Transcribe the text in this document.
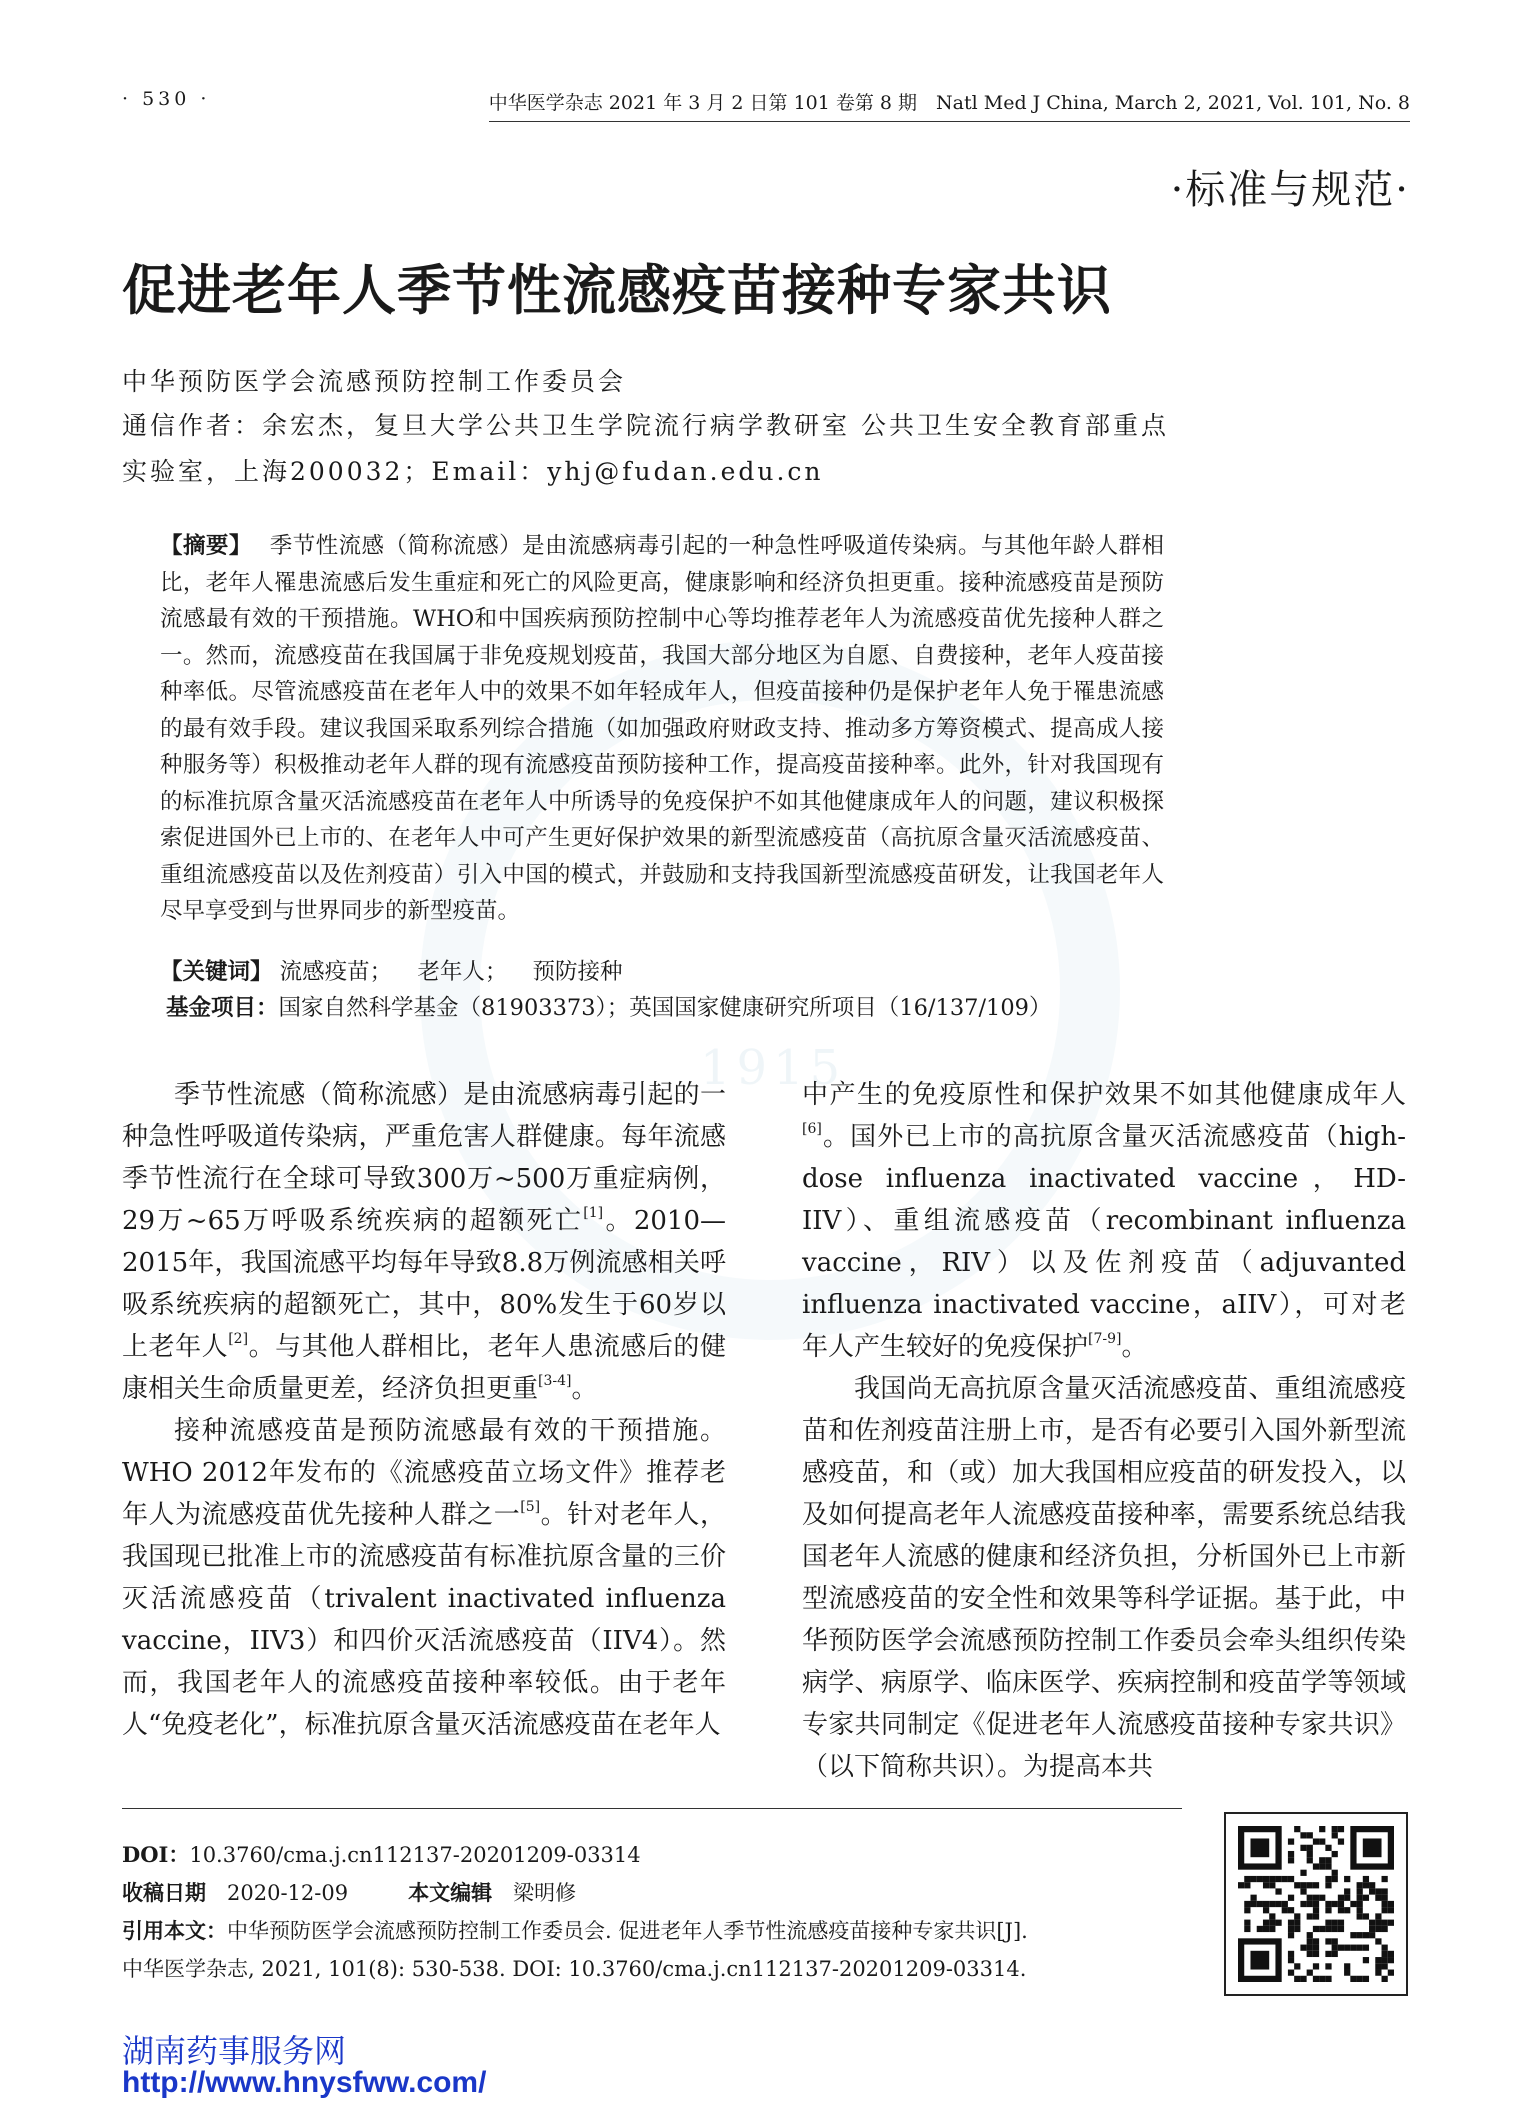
1915
· 530 ·	中华医学杂志 2021 年 3 月 2 日第 101 卷第 8 期　Natl Med J China, March 2, 2021, Vol. 101, No. 8
·标准与规范·
促进老年人季节性流感疫苗接种专家共识
中华预防医学会流感预防控制工作委员会
通信作者：余宏杰，复旦大学公共卫生学院流行病学教研室 公共卫生安全教育部重点
实验室，上海200032；Email：yhj@fudan.edu.cn
【摘要】 季节性流感（简称流感）是由流感病毒引起的一种急性呼吸道传染病。与其他年龄人群相比，老年人罹患流感后发生重症和死亡的风险更高，健康影响和经济负担更重。接种流感疫苗是预防流感最有效的干预措施。WHO和中国疾病预防控制中心等均推荐老年人为流感疫苗优先接种人群之一。然而，流感疫苗在我国属于非免疫规划疫苗，我国大部分地区为自愿、自费接种，老年人疫苗接种率低。尽管流感疫苗在老年人中的效果不如年轻成年人，但疫苗接种仍是保护老年人免于罹患流感的最有效手段。建议我国采取系列综合措施（如加强政府财政支持、推动多方筹资模式、提高成人接种服务等）积极推动老年人群的现有流感疫苗预防接种工作，提高疫苗接种率。此外，针对我国现有的标准抗原含量灭活流感疫苗在老年人中所诱导的免疫保护不如其他健康成年人的问题，建议积极探索促进国外已上市的、在老年人中可产生更好保护效果的新型流感疫苗（高抗原含量灭活流感疫苗、重组流感疫苗以及佐剂疫苗）引入中国的模式，并鼓励和支持我国新型流感疫苗研发，让我国老年人尽早享受到与世界同步的新型疫苗。
【关键词】 流感疫苗； 老年人； 预防接种
基金项目：国家自然科学基金（81903373）；英国国家健康研究所项目（16/137/109）

季节性流感（简称流感）是由流感病毒引起的一种急性呼吸道传染病，严重危害人群健康。每年流感季节性流行在全球可导致300万~500万重症病例，29万~65万呼吸系统疾病的超额死亡[1]。2010—2015年，我国流感平均每年导致8.8万例流感相关呼吸系统疾病的超额死亡，其中，80%发生于60岁以上老年人[2]。与其他人群相比，老年人患流感后的健康相关生命质量更差，经济负担更重[3-4]。

接种流感疫苗是预防流感最有效的干预措施。WHO 2012年发布的《流感疫苗立场文件》推荐老年人为流感疫苗优先接种人群之一[5]。针对老年人，我国现已批准上市的流感疫苗有标准抗原含量的三价灭活流感疫苗（trivalent inactivated influenza vaccine，IIV3）和四价灭活流感疫苗（IIV4）。然而，我国老年人的流感疫苗接种率较低。由于老年人“免疫老化”，标准抗原含量灭活流感疫苗在老年人

中产生的免疫原性和保护效果不如其他健康成年人[6]。国外已上市的高抗原含量灭活流感疫苗（high-dose influenza inactivated vaccine，HD-IIV）、重组流感疫苗（recombinant influenza vaccine，RIV）以及佐剂疫苗（adjuvanted influenza inactivated vaccine，aIIV），可对老年人产生较好的免疫保护[7-9]。

我国尚无高抗原含量灭活流感疫苗、重组流感疫苗和佐剂疫苗注册上市，是否有必要引入国外新型流感疫苗，和（或）加大我国相应疫苗的研发投入，以及如何提高老年人流感疫苗接种率，需要系统总结我国老年人流感的健康和经济负担，分析国外已上市新型流感疫苗的安全性和效果等科学证据。基于此，中华预防医学会流感预防控制工作委员会牵头组织传染病学、病原学、临床医学、疾病控制和疫苗学等领域专家共同制定《促进老年人流感疫苗接种专家共识》（以下简称共识）。为提高本共

DOI：10.3760/cma.j.cn112137-20201209-03314
收稿日期　 2020-12-09	本文编辑　 梁明修
引用本文：中华预防医学会流感预防控制工作委员会. 促进老年人季节性流感疫苗接种专家共识[J].
中华医学杂志, 2021, 101(8): 530-538. DOI: 10.3760/cma.j.cn112137-20201209-03314.
湖南药事服务网
http://www.hnysfww.com/
